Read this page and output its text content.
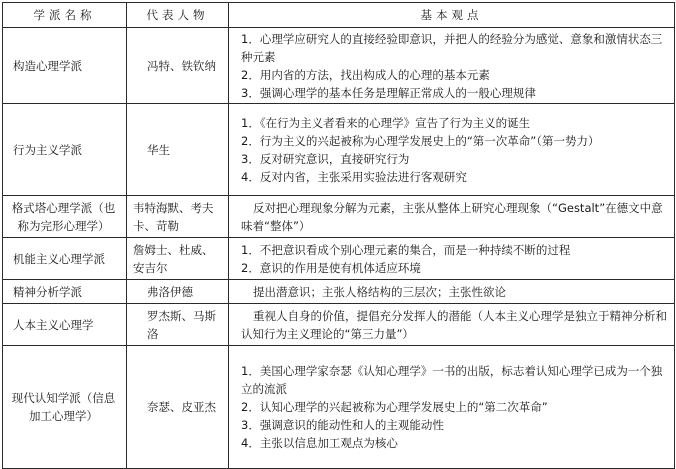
学派名称	代表人物	基本观点
构造心理学派	冯特、铁钦纳	1．心理学应研究人的直接经验即意识，并把人的经验分为感觉、意象和激情状态三种元素
2．用内省的方法，找出构成人的心理的基本元素
3．强调心理学的基本任务是理解正常成人的一般心理规律

行为主义学派	华生	1．《在行为主义者看来的心理学》宣告了行为主义的诞生
2．行为主义的兴起被称为心理学发展史上的“第一次革命”（第一势力）
3．反对研究意识，直接研究行为
4．反对内省，主张采用实验法进行客观研究

格式塔心理学派（也称为完形心理学）	韦特海默、考夫卡、苛勒	反对把心理现象分解为元素，主张从整体上研究心理现象（“Gestalt”在德文中意味着“整体”）

机能主义心理学派	詹姆士、杜威、安吉尔	1．不把意识看成个别心理元素的集合，而是一种持续不断的过程
2．意识的作用是使有机体适应环境

精神分析学派	弗洛伊德	提出潜意识；主张人格结构的三层次；主张性欲论

人本主义心理学	罗杰斯、马斯洛	重视人自身的价值，提倡充分发挥人的潜能（人本主义心理学是独立于精神分析和认知行为主义理论的“第三力量”）

现代认知学派（信息加工心理学）	奈瑟、皮亚杰	1．美国心理学家奈瑟《认知心理学》一书的出版，标志着认知心理学已成为一个独立的流派
2．认知心理学的兴起被称为心理学发展史上的“第二次革命”
3．强调意识的能动性和人的主观能动性
4．主张以信息加工观点为核心
